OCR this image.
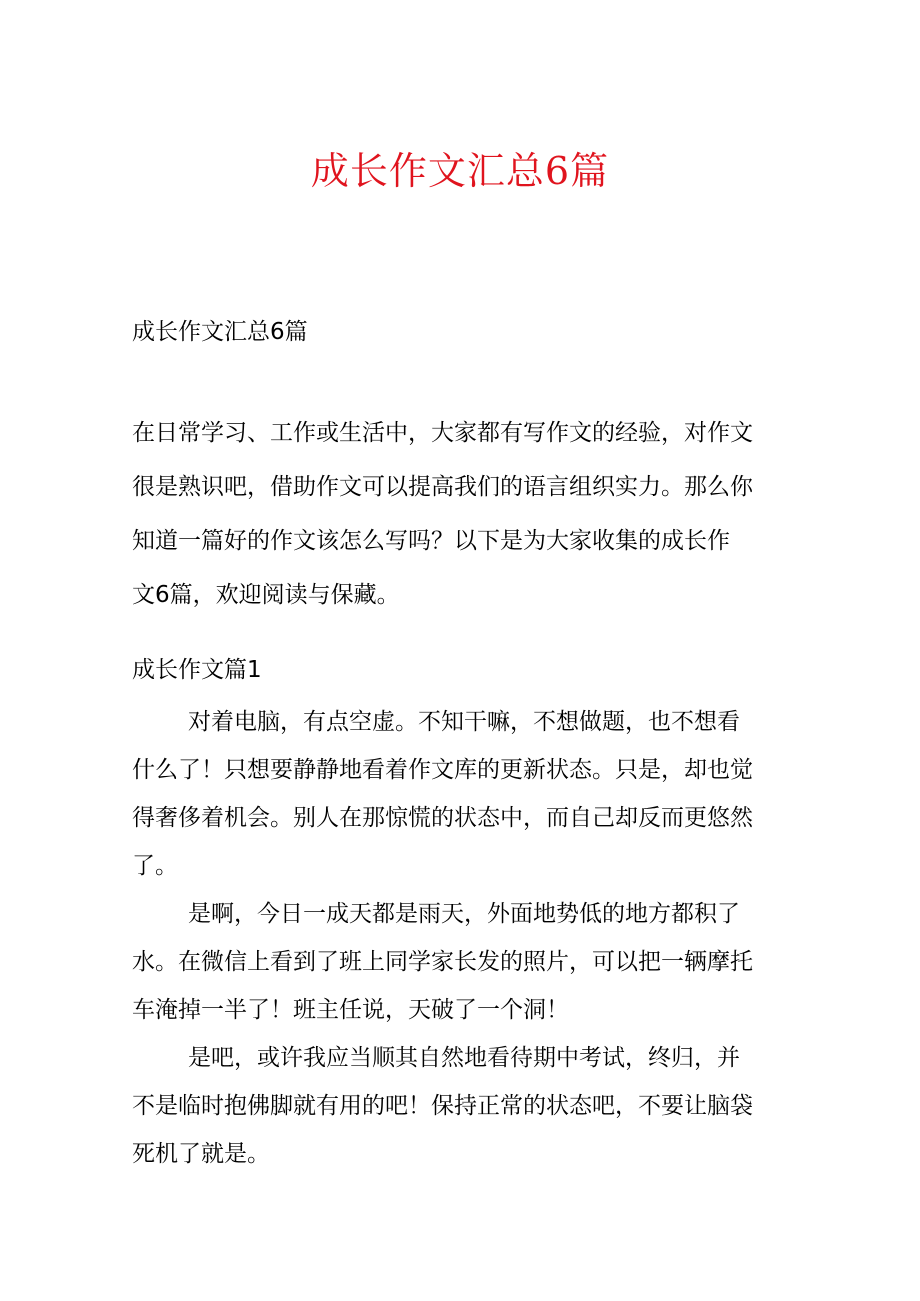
成长作文汇总6篇
成长作文汇总6篇

在日常学习、工作或生活中，大家都有写作文的经验，对作文
很是熟识吧，借助作文可以提高我们的语言组织实力。那么你
知道一篇好的作文该怎么写吗？以下是为大家收集的成长作
文6篇，欢迎阅读与保藏。

成长作文篇1

对着电脑，有点空虚。不知干嘛，不想做题，也不想看
什么了！只想要静静地看着作文库的更新状态。只是，却也觉
得奢侈着机会。别人在那惊慌的状态中，而自己却反而更悠然
了。

是啊，今日一成天都是雨天，外面地势低的地方都积了
水。在微信上看到了班上同学家长发的照片，可以把一辆摩托
车淹掉一半了！班主任说，天破了一个洞！

是吧，或许我应当顺其自然地看待期中考试，终归，并
不是临时抱佛脚就有用的吧！保持正常的状态吧，不要让脑袋
死机了就是。
